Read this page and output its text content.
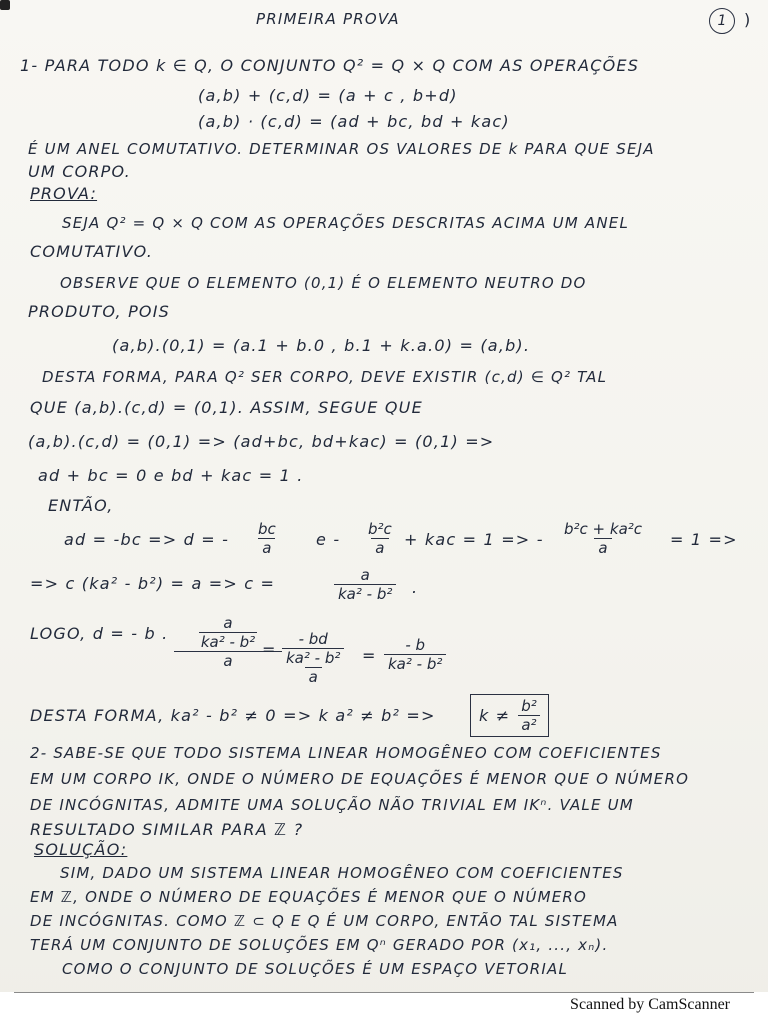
PRIMEIRA PROVA	1	)
1- PARA TODO k ∈ Q, O CONJUNTO Q² = Q × Q COM AS OPERAÇÕES
(a,b) + (c,d) = (a + c , b+d)
(a,b) · (c,d) = (ad + bc, bd + kac)
É UM ANEL COMUTATIVO. DETERMINAR OS VALORES DE k PARA QUE SEJA
UM CORPO.
PROVA:
SEJA Q² = Q × Q COM AS OPERAÇÕES DESCRITAS ACIMA UM ANEL
COMUTATIVO.
OBSERVE QUE O ELEMENTO (0,1) É O ELEMENTO NEUTRO DO
PRODUTO, POIS
(a,b).(0,1) = (a.1 + b.0 , b.1 + k.a.0) = (a,b).
DESTA FORMA, PARA Q² SER CORPO, DEVE EXISTIR (c,d) ∈ Q² TAL
QUE (a,b).(c,d) = (0,1). ASSIM, SEGUE QUE
(a,b).(c,d) = (0,1) => (ad+bc, bd+kac) = (0,1) =>
ad + bc = 0 e bd + kac = 1 .
ENTÃO,
ad = -bc => d = - $\frac{bc}{a}$ e - $\frac{\text{b²c}}{a}$ + kac = 1 => - $\frac{\text{b²c + ka²c}}{a} = 1$ =>
=> c (ka² - b²) = a => c =	$\frac{a}{\text{ka² - b²}}$ .
LOGO, d = - b . a
ka² - b²
a
=
- bd
ka² - b²
a
= $\frac{- b}{\text{ka² - b²}}$
DESTA FORMA, ka² - b² ≠ 0 => k a² ≠ b² =>	k ≠ b²
a²
2- SABE-SE QUE TODO SISTEMA LINEAR HOMOGÊNEO COM COEFICIENTES
EM UM CORPO IK, ONDE O NÚMERO DE EQUAÇÕES É MENOR QUE O NÚMERO
DE INCÓGNITAS, ADMITE UMA SOLUÇÃO NÃO TRIVIAL EM IKⁿ. VALE UM
RESULTADO SIMILAR PARA ℤ ?
SOLUÇÃO:
SIM, DADO UM SISTEMA LINEAR HOMOGÊNEO COM COEFICIENTES
EM ℤ, ONDE O NÚMERO DE EQUAÇÕES É MENOR QUE O NÚMERO
DE INCÓGNITAS. COMO ℤ ⊂ Q E Q É UM CORPO, ENTÃO TAL SISTEMA
TERÁ UM CONJUNTO DE SOLUÇÕES EM Qⁿ GERADO POR (x₁, ..., xₙ).
COMO O CONJUNTO DE SOLUÇÕES É UM ESPAÇO VETORIAL
Scanned by CamScanner
